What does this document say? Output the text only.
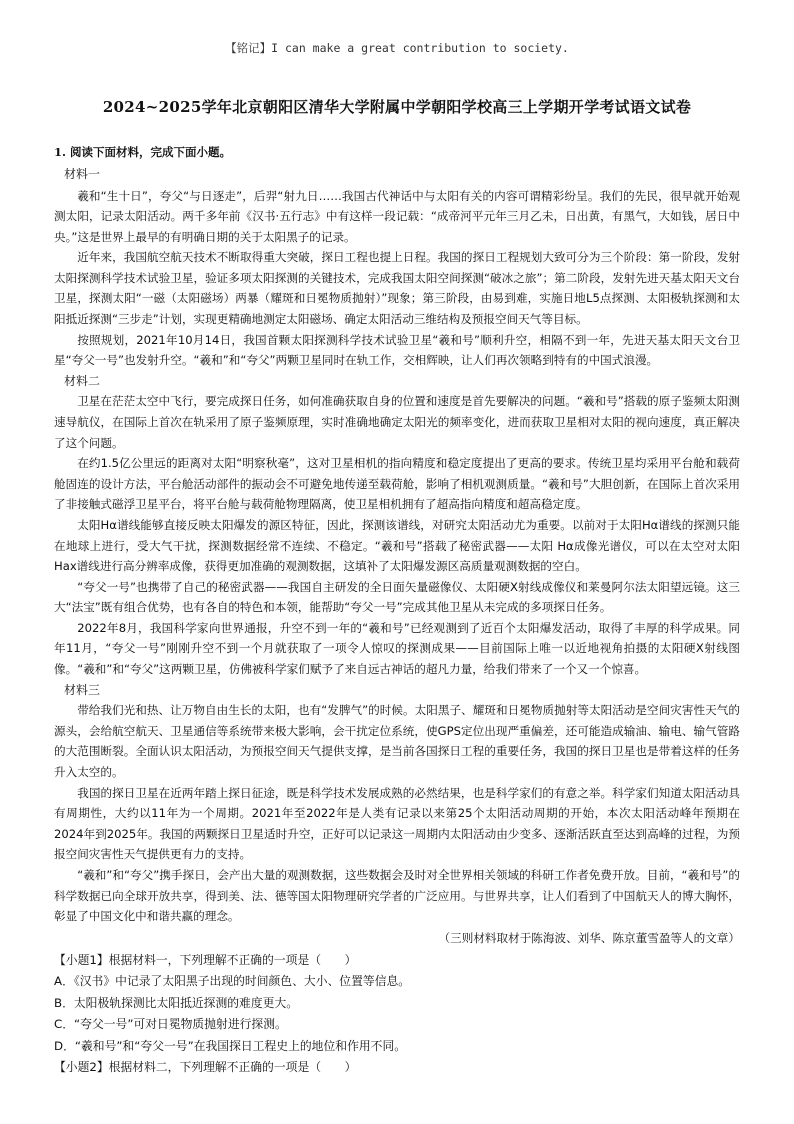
【铭记】I can make a great contribution to society.
2024~2025学年北京朝阳区清华大学附属中学朝阳学校高三上学期开学考试语文试卷
1. 阅读下面材料，完成下面小题。
材料一

羲和“生十日”，夸父“与日逐走”，后羿“射九日……我国古代神话中与太阳有关的内容可谓精彩纷呈。我们的先民，很早就开始观测太阳，记录太阳活动。两千多年前《汉书·五行志》中有这样一段记载：“成帝河平元年三月乙未，日出黄，有黑气，大如钱，居日中央。”这是世界上最早的有明确日期的关于太阳黑子的记录。

近年来，我国航空航天技术不断取得重大突破，探日工程也提上日程。我国的探日工程规划大致可分为三个阶段：第一阶段，发射太阳探测科学技术试验卫星，验证多项太阳探测的关键技术，完成我国太阳空间探测“破冰之旅”；第二阶段，发射先进天基太阳天文台卫星，探测太阳“一磁（太阳磁场）两暴（耀斑和日冕物质抛射）”现象；第三阶段，由易到难，实施日地L5点探测、太阳极轨探测和太阳抵近探测“三步走”计划，实现更精确地测定太阳磁场、确定太阳活动三维结构及预报空间天气等目标。

按照规划，2021年10月14日，我国首颗太阳探测科学技术试验卫星“羲和号”顺利升空，相隔不到一年，先进天基太阳天文台卫星“夸父一号”也发射升空。“羲和”和“夸父”两颗卫星同时在轨工作，交相辉映，让人们再次领略到特有的中国式浪漫。

材料二

卫星在茫茫太空中飞行，要完成探日任务，如何准确获取自身的位置和速度是首先要解决的问题。“羲和号”搭载的原子鉴频太阳测速导航仪，在国际上首次在轨采用了原子鉴频原理，实时准确地确定太阳光的频率变化，进而获取卫星相对太阳的视向速度，真正解决了这个问题。

在约1.5亿公里远的距离对太阳“明察秋毫”，这对卫星相机的指向精度和稳定度提出了更高的要求。传统卫星均采用平台舱和载荷舱固连的设计方法，平台舱活动部件的振动会不可避免地传递至载荷舱，影响了相机观测质量。“羲和号”大胆创新，在国际上首次采用了非接触式磁浮卫星平台，将平台舱与载荷舱物理隔离，使卫星相机拥有了超高指向精度和超高稳定度。

太阳Hα谱线能够直接反映太阳爆发的源区特征，因此，探测该谱线，对研究太阳活动尤为重要。以前对于太阳Hα谱线的探测只能在地球上进行，受大气干扰，探测数据经常不连续、不稳定。“羲和号”搭载了秘密武器——太阳 Hα成像光谱仪，可以在太空对太阳Hax谱线进行高分辨率成像，获得更加准确的观测数据，这填补了太阳爆发源区高质量观测数据的空白。

“夸父一号”也携带了自己的秘密武器——我国自主研发的全日面矢量磁像仪、太阳硬X射线成像仪和莱曼阿尔法太阳望远镜。这三大“法宝”既有组合优势，也有各自的特色和本领，能帮助“夸父一号”完成其他卫星从未完成的多项探日任务。

2022年8月，我国科学家向世界通报，升空不到一年的“羲和号”已经观测到了近百个太阳爆发活动，取得了丰厚的科学成果。同年11月，“夸父一号”刚刚升空不到一个月就获取了一项令人惊叹的探测成果——目前国际上唯一以近地视角拍摄的太阳硬X射线图像。“羲和”和“夸父”这两颗卫星，仿佛被科学家们赋予了来自远古神话的超凡力量，给我们带来了一个又一个惊喜。

材料三

带给我们光和热、让万物自由生长的太阳，也有“发脾气”的时候。太阳黑子、耀斑和日冕物质抛射等太阳活动是空间灾害性天气的源头，会给航空航天、卫星通信等系统带来极大影响，会干扰定位系统，使GPS定位出现严重偏差，还可能造成输油、输电、输气管路的大范围断裂。全面认识太阳活动，为预报空间天气提供支撑，是当前各国探日工程的重要任务，我国的探日卫星也是带着这样的任务升入太空的。

我国的探日卫星在近两年踏上探日征途，既是科学技术发展成熟的必然结果，也是科学家们的有意之举。科学家们知道太阳活动具有周期性，大约以11年为一个周期。2021年至2022年是人类有记录以来第25个太阳活动周期的开始，本次太阳活动峰年预期在2024年到2025年。我国的两颗探日卫星适时升空，正好可以记录这一周期内太阳活动由少变多、逐渐活跃直至达到高峰的过程，为预报空间灾害性天气提供更有力的支持。

“羲和”和“夸父”携手探日，会产出大量的观测数据，这些数据会及时对全世界相关领域的科研工作者免费开放。目前，“羲和号”的科学数据已向全球开放共享，得到美、法、德等国太阳物理研究学者的广泛应用。与世界共享，让人们看到了中国航天人的博大胸怀，彰显了中国文化中和谐共赢的理念。

（三则材料取材于陈海波、刘华、陈京董雪盈等人的文章）
【小题1】根据材料一，下列理解不正确的一项是（　　）
A．《汉书》中记录了太阳黑子出现的时间颜色、大小、位置等信息。
B．太阳极轨探测比太阳抵近探测的难度更大。
C．“夸父一号”可对日冕物质抛射进行探测。
D．“羲和号”和“夸父一号”在我国探日工程史上的地位和作用不同。
【小题2】根据材料二，下列理解不正确的一项是（　　）
